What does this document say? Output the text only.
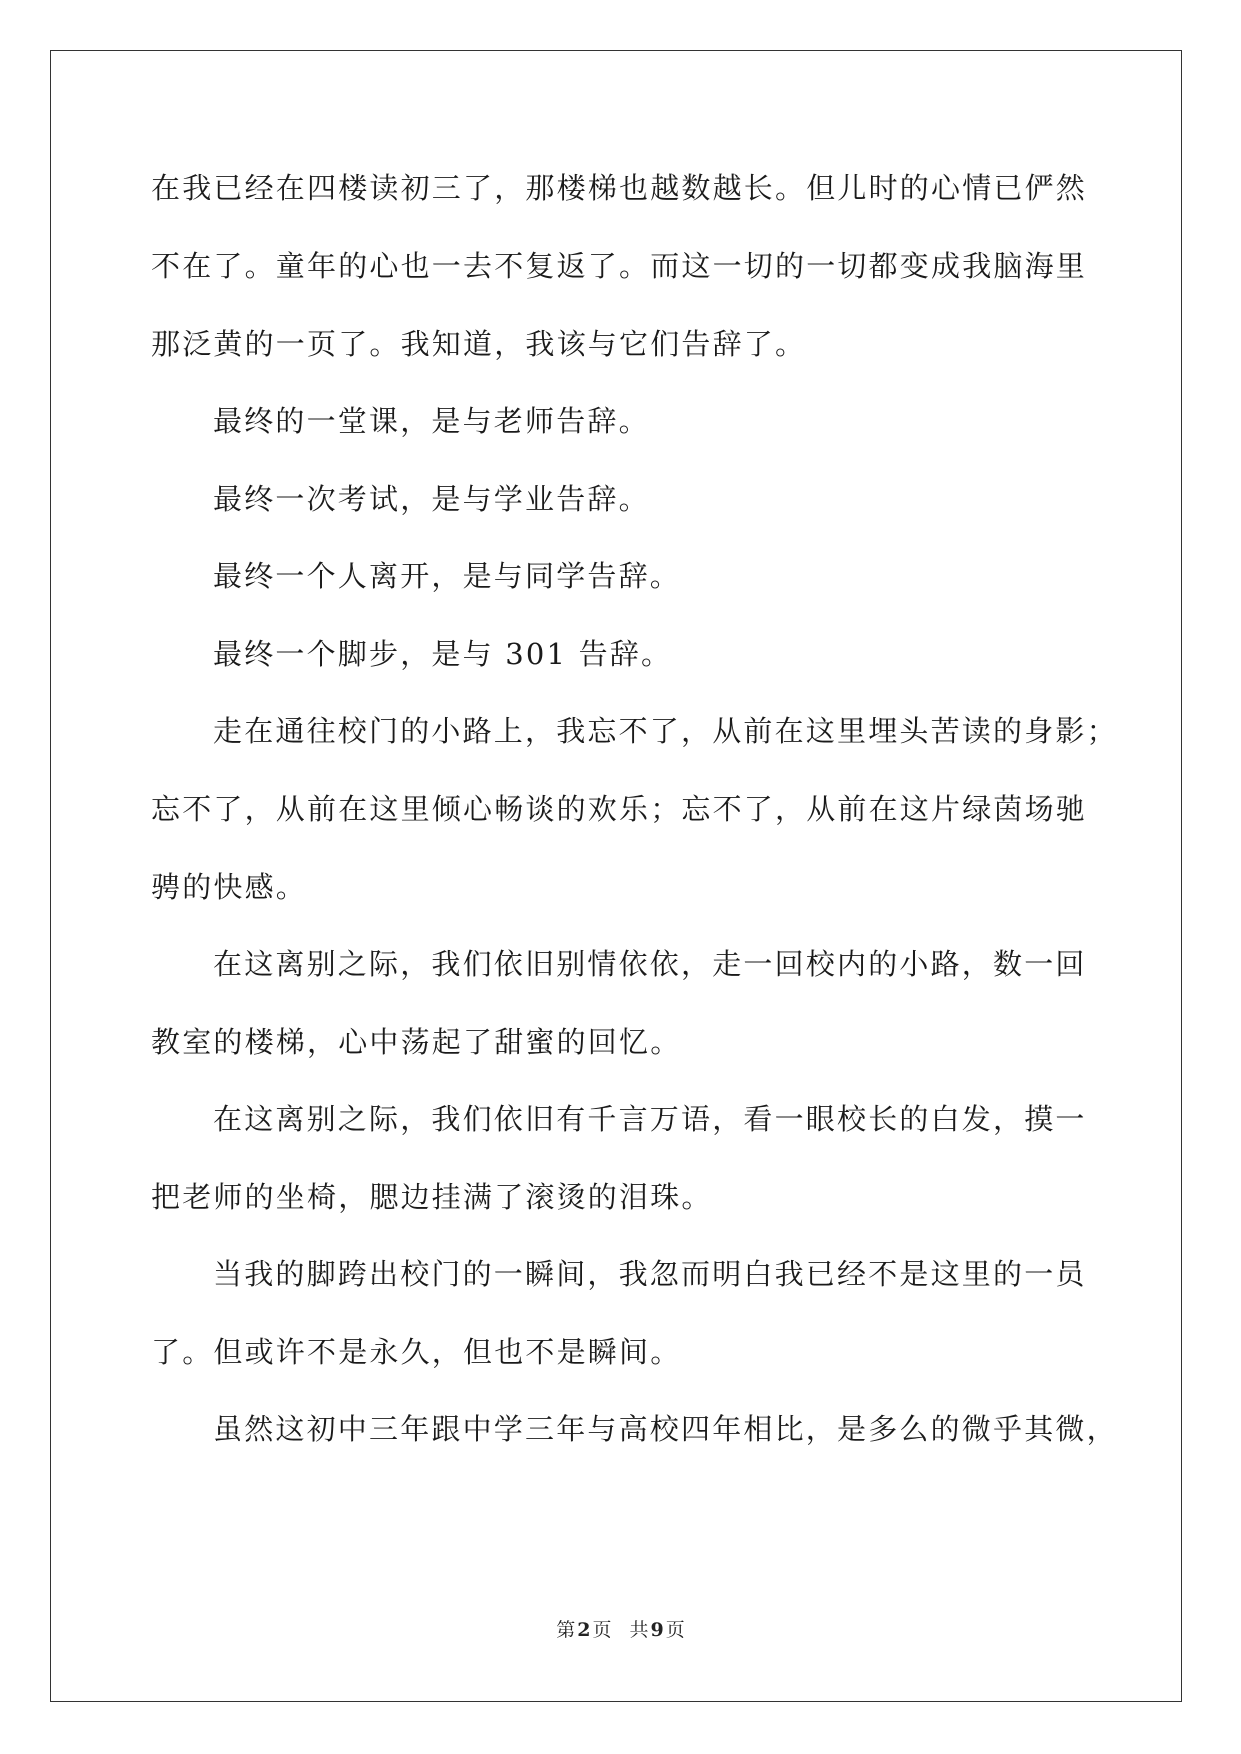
在我已经在四楼读初三了，那楼梯也越数越长。但儿时的心情已俨然
不在了。童年的心也一去不复返了。而这一切的一切都变成我脑海里
那泛黄的一页了。我知道，我该与它们告辞了。
最终的一堂课，是与老师告辞。
最终一次考试，是与学业告辞。
最终一个人离开，是与同学告辞。
最终一个脚步，是与 301 告辞。
走在通往校门的小路上，我忘不了，从前在这里埋头苦读的身影；
忘不了，从前在这里倾心畅谈的欢乐；忘不了，从前在这片绿茵场驰
骋的快感。
在这离别之际，我们依旧别情依依，走一回校内的小路，数一回
教室的楼梯，心中荡起了甜蜜的回忆。
在这离别之际，我们依旧有千言万语，看一眼校长的白发，摸一
把老师的坐椅，腮边挂满了滚烫的泪珠。
当我的脚跨出校门的一瞬间，我忽而明白我已经不是这里的一员
了。但或许不是永久，但也不是瞬间。
虽然这初中三年跟中学三年与高校四年相比，是多么的微乎其微，
第 2 页 共 9 页
